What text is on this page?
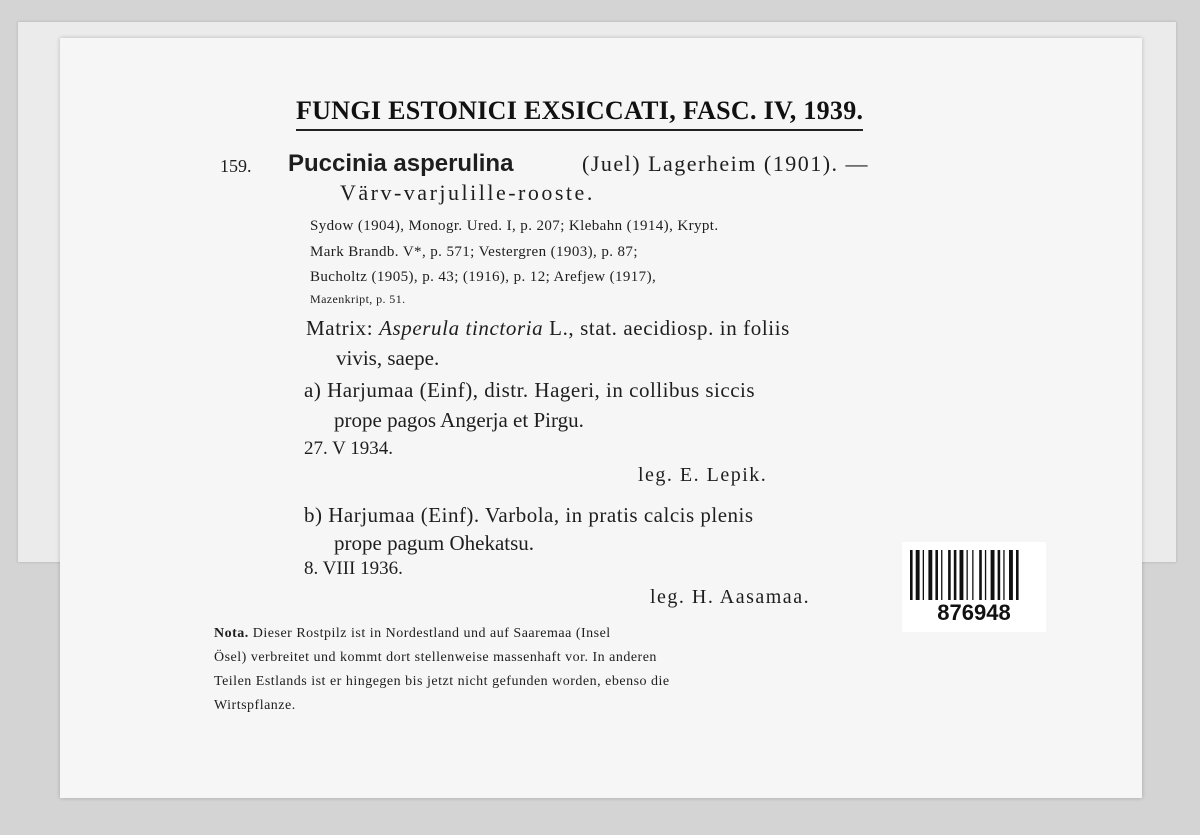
FUNGI ESTONICI EXSICCATI, FASC. IV, 1939.

159. Puccinia asperulina	(Juel) Lagerheim (1901). —

Värv-varjulille-rooste.

Sydow (1904), Monogr. Ured. I, p. 207; Klebahn (1914), Krypt.

Mark Brandb. V*, p. 571; Vestergren (1903), p. 87;

Bucholtz (1905), p. 43; (1916), p. 12; Arefjew (1917),

Mazenkript, p. 51.

Matrix: Asperula tinctoria L., stat. aecidiosp. in foliis

vivis, saepe.

a) Harjumaa (Einf), distr. Hageri, in collibus siccis

prope pagos Angerja et Pirgu.

27. V 1934.

leg. E. Lepik.

b) Harjumaa (Einf). Varbola, in pratis calcis plenis

prope pagum Ohekatsu.

8. VIII 1936.

leg. H. Aasamaa.

Nota. Dieser Rostpilz ist in Nordestland und auf Saaremaa (Insel

Ösel) verbreitet und kommt dort stellenweise massenhaft vor. In anderen

Teilen Estlands ist er hingegen bis jetzt nicht gefunden worden, ebenso die

Wirtspflanze.

876948
